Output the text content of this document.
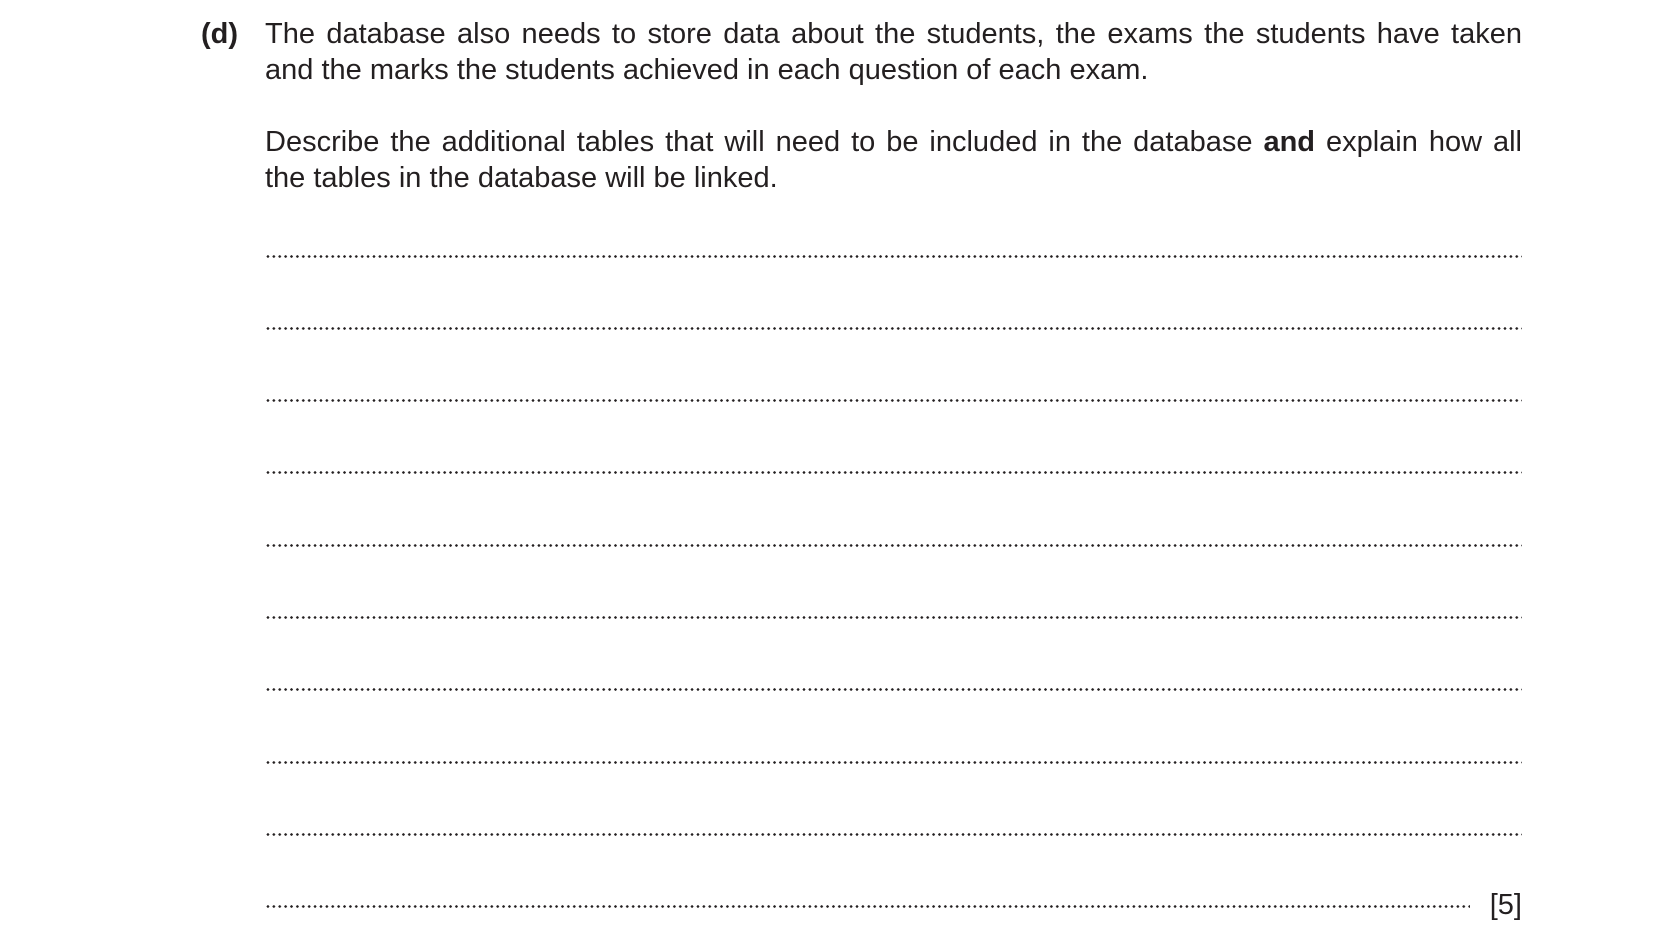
(d) The database also needs to store data about the students, the exams the students have taken and the marks the students achieved in each question of each exam.

Describe the additional tables that will need to be included in the database and explain how all the tables in the database will be linked.

[5]
